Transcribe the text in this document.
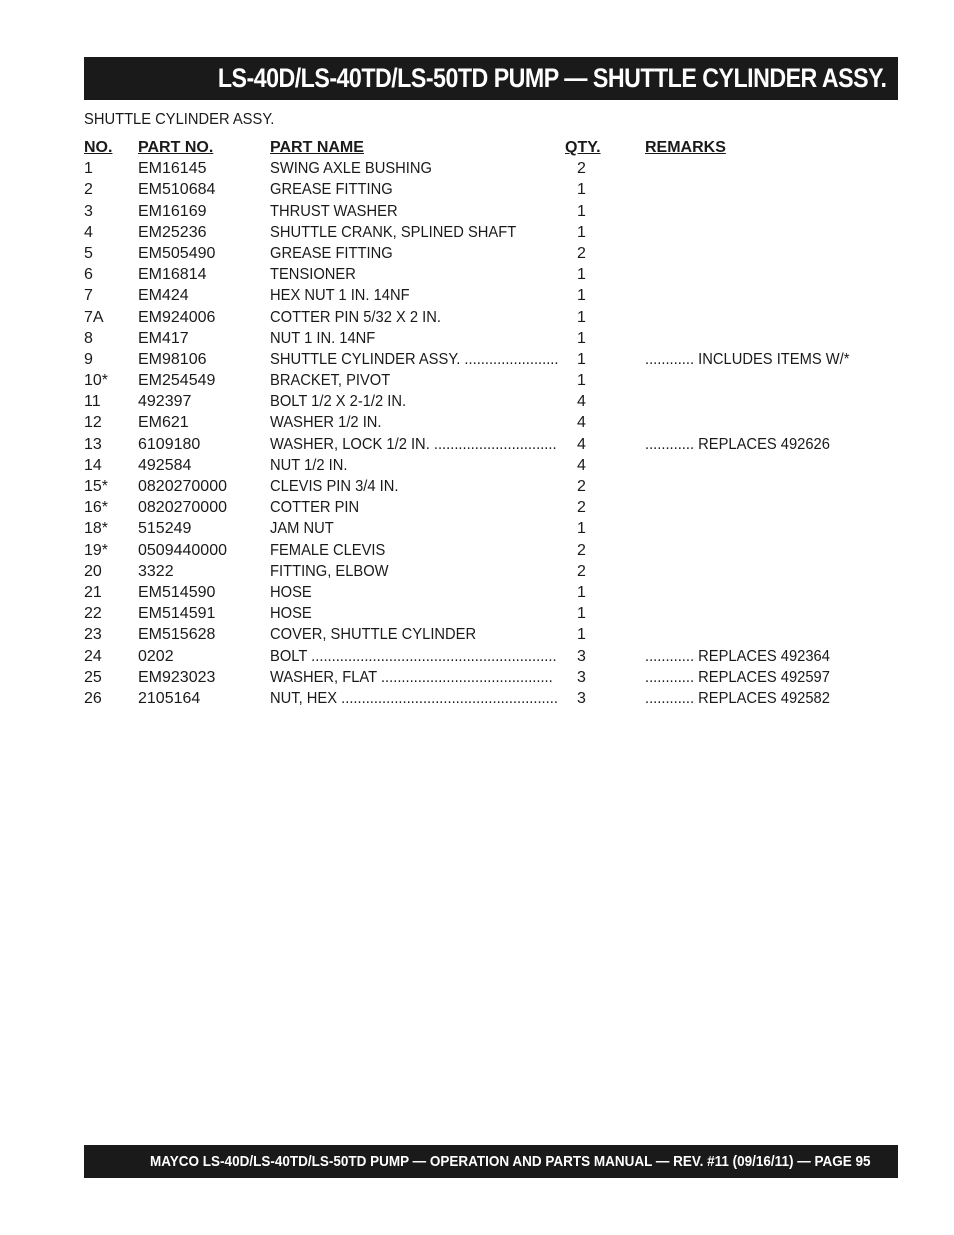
LS-40D/LS-40TD/LS-50TD PUMP — SHUTTLE CYLINDER ASSY.
SHUTTLE CYLINDER ASSY.
NO. PART NO.	PART NAME	QTY.	REMARKS
1	EM16145	SWING AXLE BUSHING	2
2	EM510684	GREASE FITTING	1
3	EM16169	THRUST WASHER	1
4	EM25236	SHUTTLE CRANK, SPLINED SHAFT	1
5	EM505490	GREASE FITTING	2
6	EM16814	TENSIONER	1
7	EM424	HEX NUT 1 IN. 14NF	1
7A EM924006	COTTER PIN 5/32 X 2 IN.	1
8	EM417	NUT 1 IN. 14NF	1
9	EM98106	SHUTTLE CYLINDER ASSY. ....................... 1	............ INCLUDES ITEMS W/*
10* EM254549	BRACKET, PIVOT	1
11 492397	BOLT 1/2 X 2-1/2 IN.	4
12 EM621	WASHER 1/2 IN.	4
13 6109180	WASHER, LOCK 1/2 IN. .............................. 4	............ REPLACES 492626
14 492584	NUT 1/2 IN.	4
15* 0820270000	CLEVIS PIN 3/4 IN.	2
16* 0820270000	COTTER PIN	2
18* 515249	JAM NUT	1
19* 0509440000	FEMALE CLEVIS	2
20 3322	FITTING, ELBOW	2
21 EM514590	HOSE	1
22 EM514591	HOSE	1
23 EM515628	COVER, SHUTTLE CYLINDER	1
24 0202	BOLT ............................................................ 3	............ REPLACES 492364
25 EM923023	WASHER, FLAT .......................................... 3	............ REPLACES 492597
26 2105164	NUT, HEX ..................................................... 3	............ REPLACES 492582
MAYCO LS-40D/LS-40TD/LS-50TD PUMP — OPERATION AND PARTS MANUAL — REV. #11 (09/16/11) — PAGE 95
